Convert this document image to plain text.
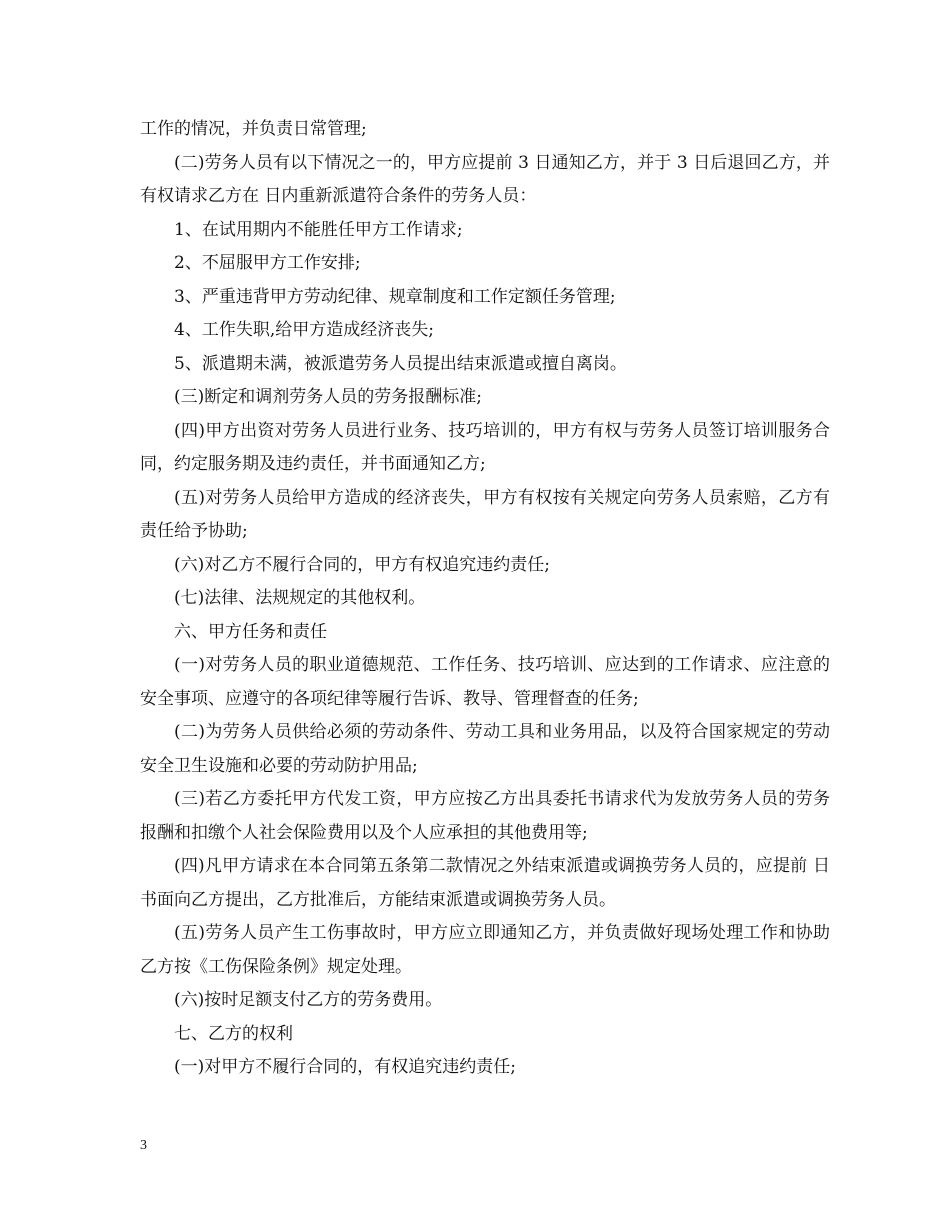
工作的情况，并负责日常管理;

(二)劳务人员有以下情况之一的，甲方应提前 3 日通知乙方，并于 3 日后退回乙方，并有权请求乙方在 日内重新派遣符合条件的劳务人员：

1、在试用期内不能胜任甲方工作请求;

2、不屈服甲方工作安排;

3、严重违背甲方劳动纪律、规章制度和工作定额任务管理;

4、工作失职,给甲方造成经济丧失;

5、派遣期未满，被派遣劳务人员提出结束派遣或擅自离岗。

(三)断定和调剂劳务人员的劳务报酬标准;

(四)甲方出资对劳务人员进行业务、技巧培训的，甲方有权与劳务人员签订培训服务合同，约定服务期及违约责任，并书面通知乙方;

(五)对劳务人员给甲方造成的经济丧失，甲方有权按有关规定向劳务人员索赔，乙方有责任给予协助;

(六)对乙方不履行合同的，甲方有权追究违约责任;

(七)法律、法规规定的其他权利。

六、甲方任务和责任

(一)对劳务人员的职业道德规范、工作任务、技巧培训、应达到的工作请求、应注意的安全事项、应遵守的各项纪律等履行告诉、教导、管理督查的任务;

(二)为劳务人员供给必须的劳动条件、劳动工具和业务用品，以及符合国家规定的劳动安全卫生设施和必要的劳动防护用品;

(三)若乙方委托甲方代发工资，甲方应按乙方出具委托书请求代为发放劳务人员的劳务报酬和扣缴个人社会保险费用以及个人应承担的其他费用等;

(四)凡甲方请求在本合同第五条第二款情况之外结束派遣或调换劳务人员的，应提前 日书面向乙方提出，乙方批准后，方能结束派遣或调换劳务人员。

(五)劳务人员产生工伤事故时，甲方应立即通知乙方，并负责做好现场处理工作和协助乙方按《工伤保险条例》规定处理。

(六)按时足额支付乙方的劳务费用。

七、乙方的权利

(一)对甲方不履行合同的，有权追究违约责任;

3
